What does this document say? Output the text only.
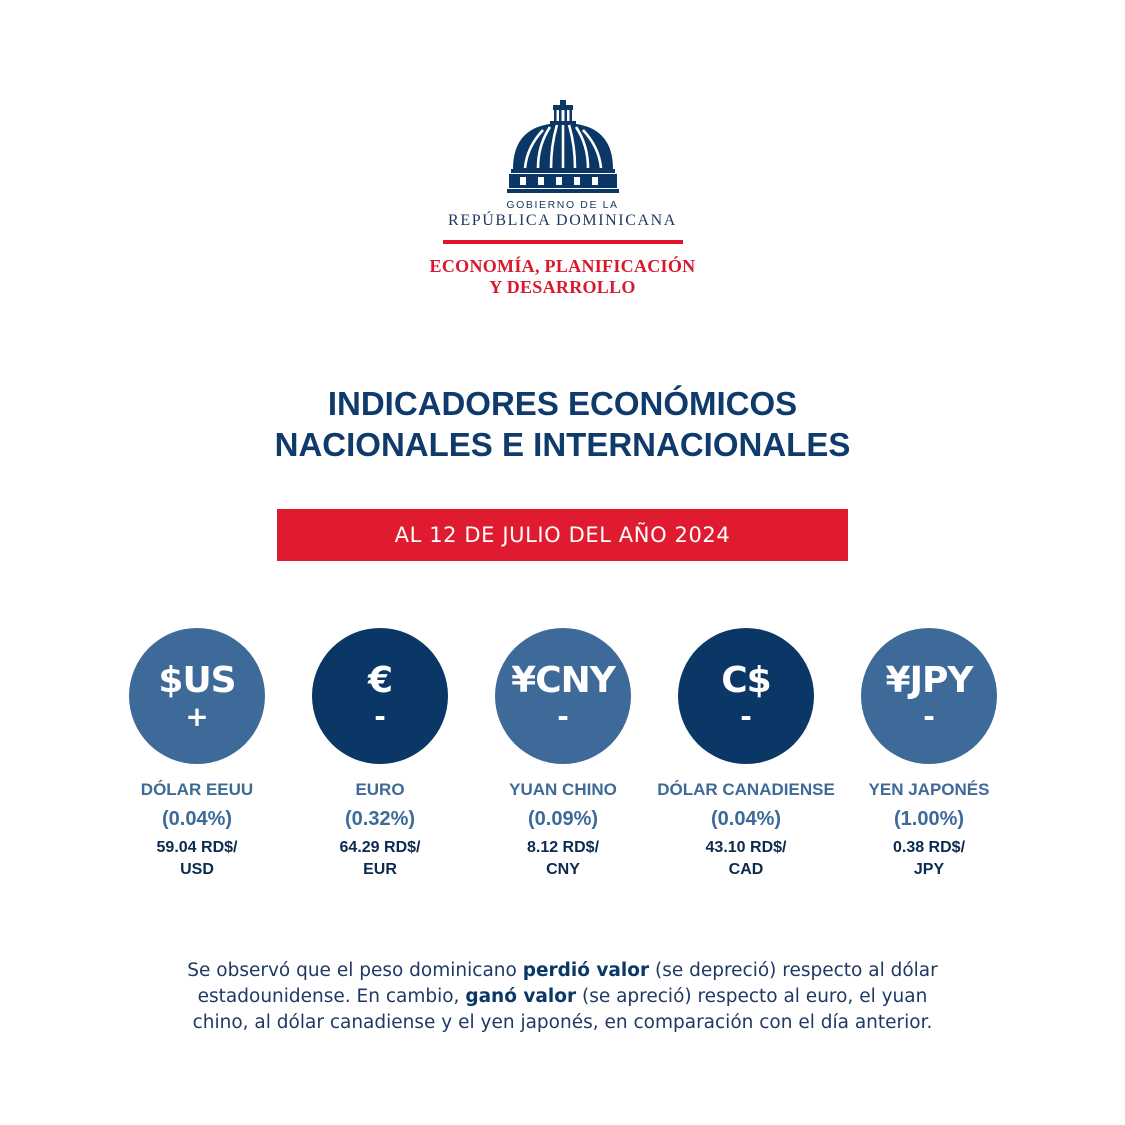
GOBIERNO DE LA
REPÚBLICA DOMINICANA
ECONOMÍA, PLANIFICACIÓN
Y DESARROLLO
INDICADORES ECONÓMICOS
NACIONALES E INTERNACIONALES
AL 12 DE JULIO DEL AÑO 2024
$US
+
DÓLAR EEUU
(0.04%)
59.04 RD$/
USD
€
-
EURO
(0.32%)
64.29 RD$/
EUR
¥CNY
-
YUAN CHINO
(0.09%)
8.12 RD$/
CNY
C$
-
DÓLAR CANADIENSE
(0.04%)
43.10 RD$/
CAD
¥JPY
-
YEN JAPONÉS
(1.00%)
0.38 RD$/
JPY
Se observó que el peso dominicano perdió valor (se depreció) respecto al dólar estadounidense. En cambio, ganó valor (se apreció) respecto al euro, el yuan chino, al dólar canadiense y el yen japonés, en comparación con el día anterior.
